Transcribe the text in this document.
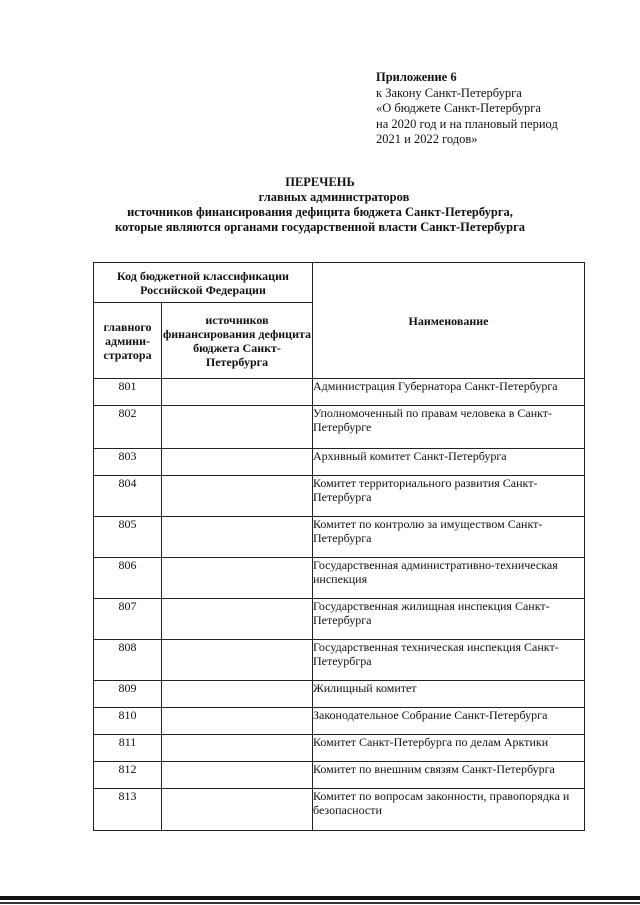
Приложение 6
к Закону Санкт-Петербурга
«О бюджете Санкт-Петербурга
на 2020 год и на плановый период
2021 и 2022 годов»
ПЕРЕЧЕНЬ
главных администраторов
источников финансирования дефицита бюджета Санкт-Петербурга,
которые являются органами государственной власти Санкт-Петербурга
Код бюджетной классификации Российской Федерации		Наименование
главного админи-стратора	источников финансирования дефицита бюджета Санкт-Петербурга	
801		Администрация Губернатора Санкт-Петербурга
802		Уполномоченный по правам человека в Санкт-Петербурге
803		Архивный комитет Санкт-Петербурга
804		Комитет территориального развития Санкт-Петербурга
805		Комитет по контролю за имуществом Санкт-Петербурга
806		Государственная административно-техническая инспекция
807		Государственная жилищная инспекция Санкт-Петербурга
808		Государственная техническая инспекция Санкт-Петеурбгра
809		Жилищный комитет
810		Законодательное Собрание Санкт-Петербурга
811		Комитет Санкт-Петербурга по делам Арктики
812		Комитет по внешним связям Санкт-Петербурга
813		Комитет по вопросам законности, правопорядка и безопасности
